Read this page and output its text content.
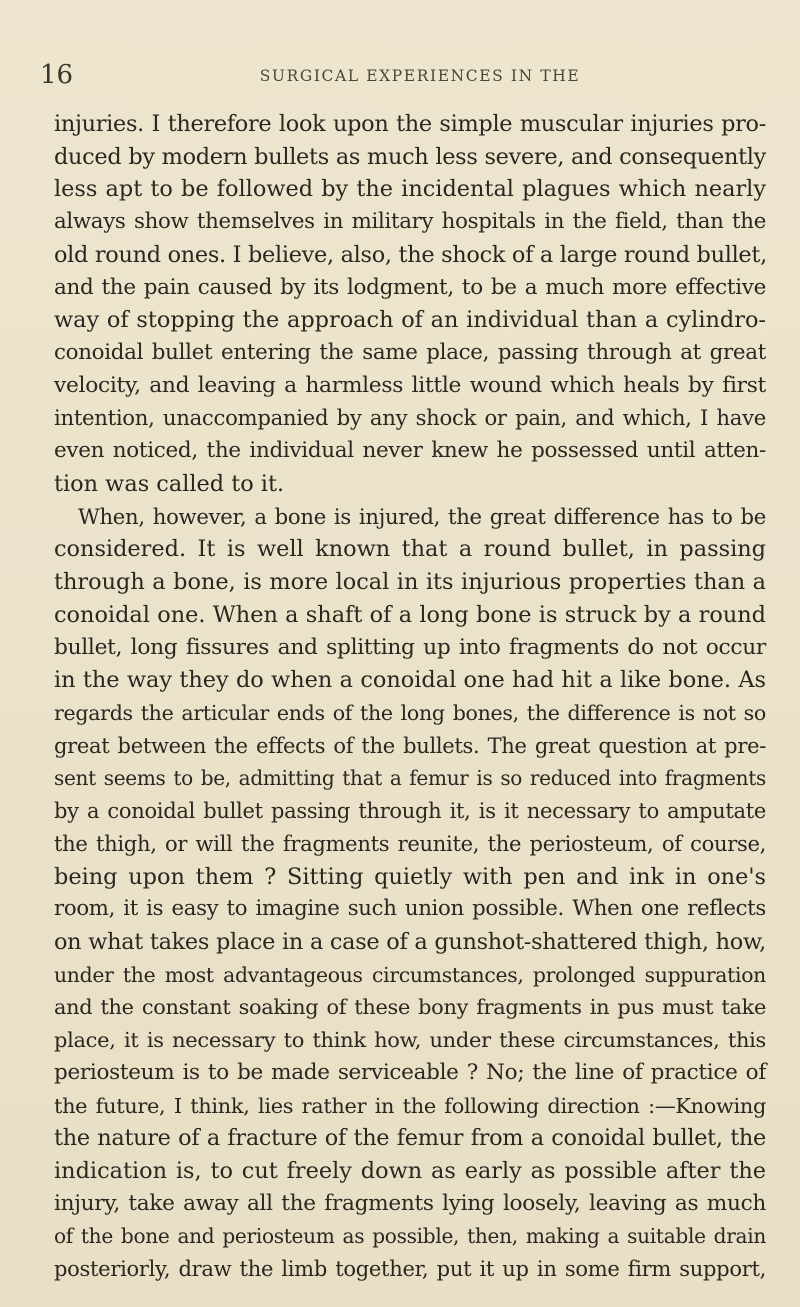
16	SURGICAL EXPERIENCES IN THE
injuries. I therefore look upon the simple muscular injuries pro-
duced by modern bullets as much less severe, and consequently
less apt to be followed by the incidental plagues which nearly
always show themselves in military hospitals in the field, than the
old round ones. I believe, also, the shock of a large round bullet,
and the pain caused by its lodgment, to be a much more effective
way of stopping the approach of an individual than a cylindro-
conoidal bullet entering the same place, passing through at great
velocity, and leaving a harmless little wound which heals by first
intention, unaccompanied by any shock or pain, and which, I have
even noticed, the individual never knew he possessed until atten-
tion was called to it.
When, however, a bone is injured, the great difference has to be
considered. It is well known that a round bullet, in passing
through a bone, is more local in its injurious properties than a
conoidal one. When a shaft of a long bone is struck by a round
bullet, long fissures and splitting up into fragments do not occur
in the way they do when a conoidal one had hit a like bone. As
regards the articular ends of the long bones, the difference is not so
great between the effects of the bullets. The great question at pre-
sent seems to be, admitting that a femur is so reduced into fragments
by a conoidal bullet passing through it, is it necessary to amputate
the thigh, or will the fragments reunite, the periosteum, of course,
being upon them ? Sitting quietly with pen and ink in one's
room, it is easy to imagine such union possible. When one reflects
on what takes place in a case of a gunshot-shattered thigh, how,
under the most advantageous circumstances, prolonged suppuration
and the constant soaking of these bony fragments in pus must take
place, it is necessary to think how, under these circumstances, this
periosteum is to be made serviceable ? No; the line of practice of
the future, I think, lies rather in the following direction :—Knowing
the nature of a fracture of the femur from a conoidal bullet, the
indication is, to cut freely down as early as possible after the
injury, take away all the fragments lying loosely, leaving as much
of the bone and periosteum as possible, then, making a suitable drain
posteriorly, draw the limb together, put it up in some firm support,
